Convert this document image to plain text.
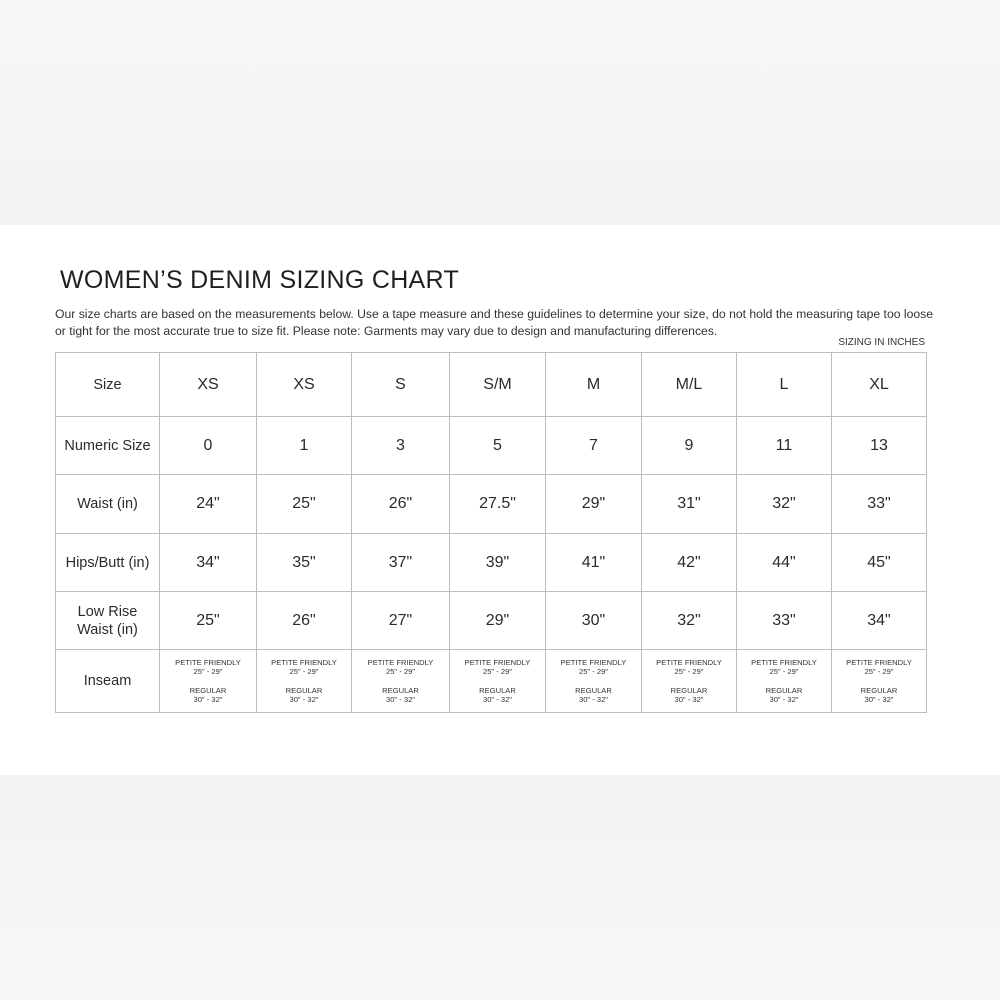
WOMEN’S DENIM SIZING CHART

Our size charts are based on the measurements below. Use a tape measure and these guidelines to determine your size, do not hold the measuring tape too loose or tight for the most accurate true to size fit. Please note: Garments may vary due to design and manufacturing differences.

SIZING IN INCHES
Size	XS	XS	S	S/M	M	M/L	L	XL
Numeric Size	0	1	3	5	7	9	11	13
Waist (in)	24"	25"	26"	27.5"	29"	31"	32"	33"
Hips/Butt (in)	34"	35"	37"	39"	41"	42"	44"	45"
Low Rise
Waist (in)	25"	26"	27"	29"	30"	32"	33"	34"
Inseam	PETITE FRIENDLY
25" - 29"
REGULAR
30" - 32"	PETITE FRIENDLY
25" - 29"
REGULAR
30" - 32"	PETITE FRIENDLY
25" - 29"
REGULAR
30" - 32"	PETITE FRIENDLY
25" - 29"
REGULAR
30" - 32"	PETITE FRIENDLY
25" - 29"
REGULAR
30" - 32"	PETITE FRIENDLY
25" - 29"
REGULAR
30" - 32"	PETITE FRIENDLY
25" - 29"
REGULAR
30" - 32"	PETITE FRIENDLY
25" - 29"
REGULAR
30" - 32"
